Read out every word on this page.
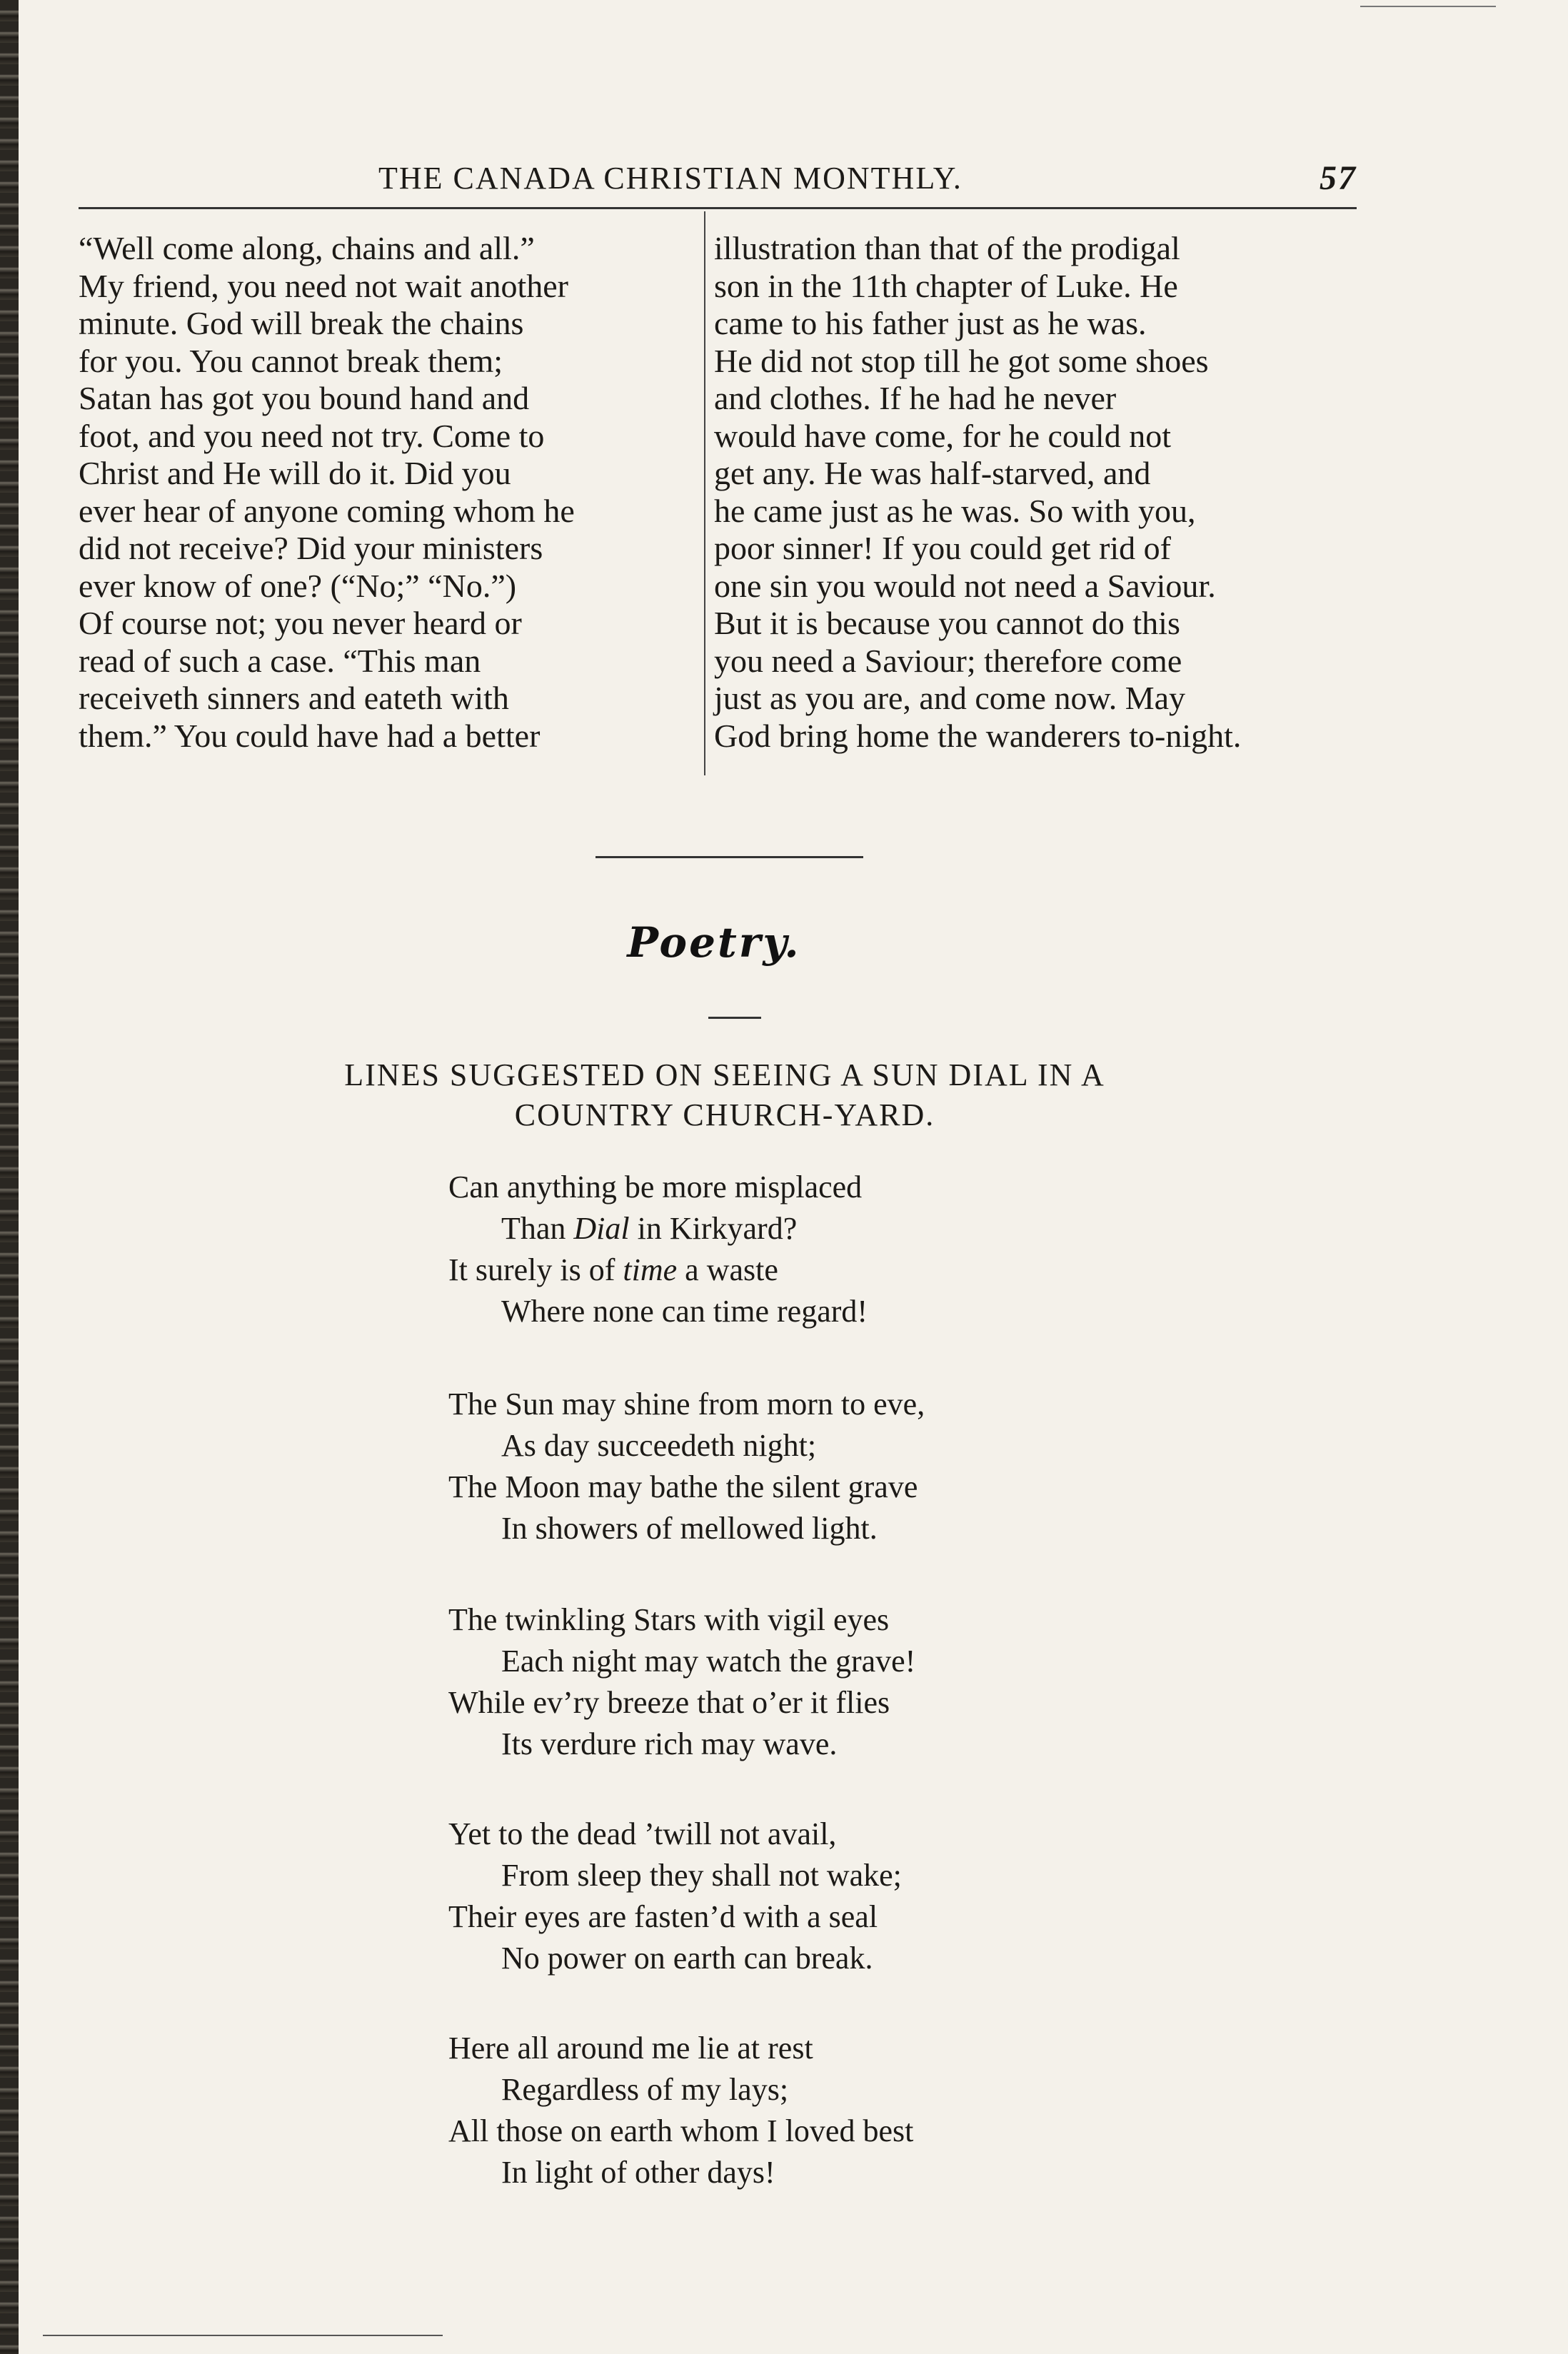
THE CANADA CHRISTIAN MONTHLY.	57
“Well come along, chains and all.”
My friend, you need not wait another
minute. God will break the chains
for you. You cannot break them;
Satan has got you bound hand and
foot, and you need not try. Come to
Christ and He will do it. Did you
ever hear of anyone coming whom he
did not receive? Did your ministers
ever know of one? (“No;” “No.”)
Of course not; you never heard or
read of such a case. “This man
receiveth sinners and eateth with
them.” You could have had a better
illustration than that of the prodigal
son in the 11th chapter of Luke. He
came to his father just as he was.
He did not stop till he got some shoes
and clothes. If he had he never
would have come, for he could not
get any. He was half-starved, and
he came just as he was. So with you,
poor sinner! If you could get rid of
one sin you would not need a Saviour.
But it is because you cannot do this
you need a Saviour; therefore come
just as you are, and come now. May
God bring home the wanderers to-night.
Poetry.
LINES SUGGESTED ON SEEING A SUN DIAL IN A
COUNTRY CHURCH-YARD.
Can anything be more misplaced
Than Dial in Kirkyard?
It surely is of time a waste
Where none can time regard!
The Sun may shine from morn to eve,
As day succeedeth night;
The Moon may bathe the silent grave
In showers of mellowed light.
The twinkling Stars with vigil eyes
Each night may watch the grave!
While ev’ry breeze that o’er it flies
Its verdure rich may wave.
Yet to the dead ’twill not avail,
From sleep they shall not wake;
Their eyes are fasten’d with a seal
No power on earth can break.
Here all around me lie at rest
Regardless of my lays;
All those on earth whom I loved best
In light of other days!
